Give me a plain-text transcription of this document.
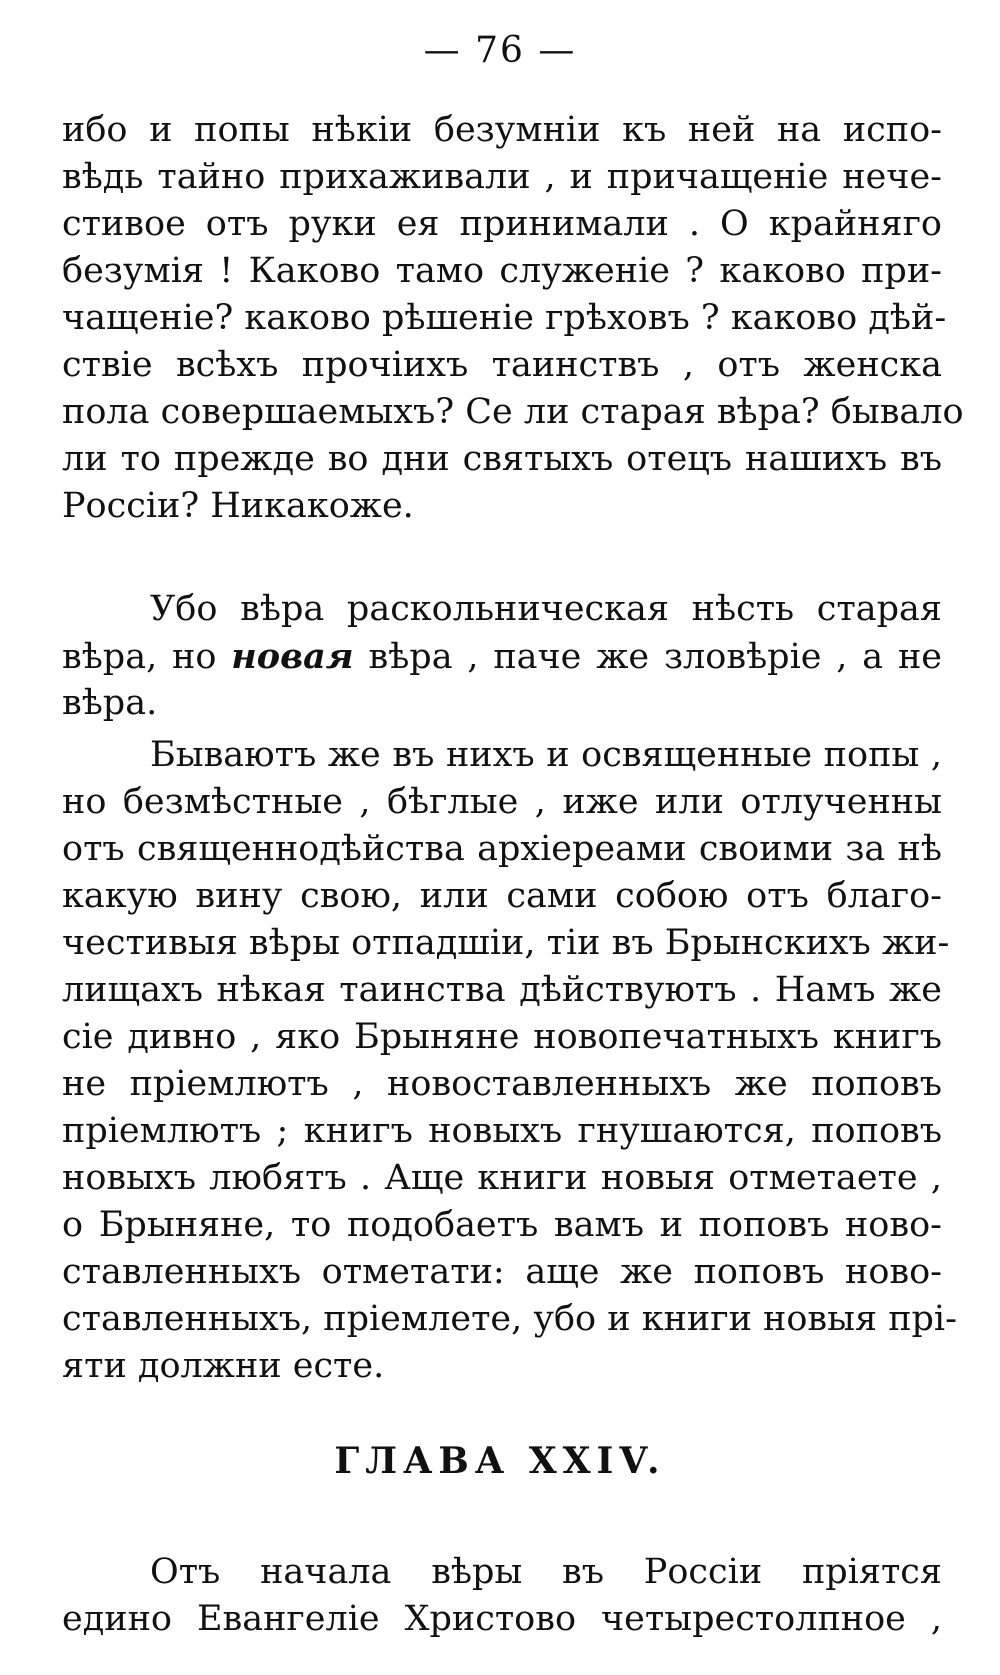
— 76 —
ибо и попы нѣкіи безумніи къ ней на испо-
вѣдь тайно прихаживали , и причащеніе нече-
стивое отъ руки ея принимали . О крайняго
безумія ! Каково тамо служеніе ? каково при-
чащеніе? каково рѣшеніе грѣховъ ? каково дѣй-
ствіе всѣхъ прочіихъ таинствъ , отъ женска
пола совершаемыхъ? Се ли старая вѣра? бывало
ли то прежде во дни святыхъ отецъ нашихъ въ
Россіи? Никакоже.
Убо вѣра раскольническая нѣсть старая
вѣра, но новая вѣра , паче же зловѣріе , а не
вѣра.
Бываютъ же въ нихъ и освященные попы ,
но безмѣстные , бѣглые , иже или отлученны
отъ священнодѣйства архіереами своими за нѣ
какую вину свою, или сами собою отъ благо-
честивыя вѣры отпадшіи, тіи въ Брынскихъ жи-
лищахъ нѣкая таинства дѣйствуютъ . Намъ же
сіе дивно , яко Брыняне новопечатныхъ книгъ
не пріемлютъ , новоставленныхъ же поповъ
пріемлютъ ; книгъ новыхъ гнушаются, поповъ
новыхъ любятъ . Аще книги новыя отметаете ,
о Брыняне, то подобаетъ вамъ и поповъ ново-
ставленныхъ отметати: аще же поповъ ново-
ставленныхъ, пріемлете, убо и книги новыя прі-
яти должни есте.
ГЛАВА XXIV.
Отъ начала вѣры въ Россіи пріятся
едино Евангеліе Христово четырестолпное ,
